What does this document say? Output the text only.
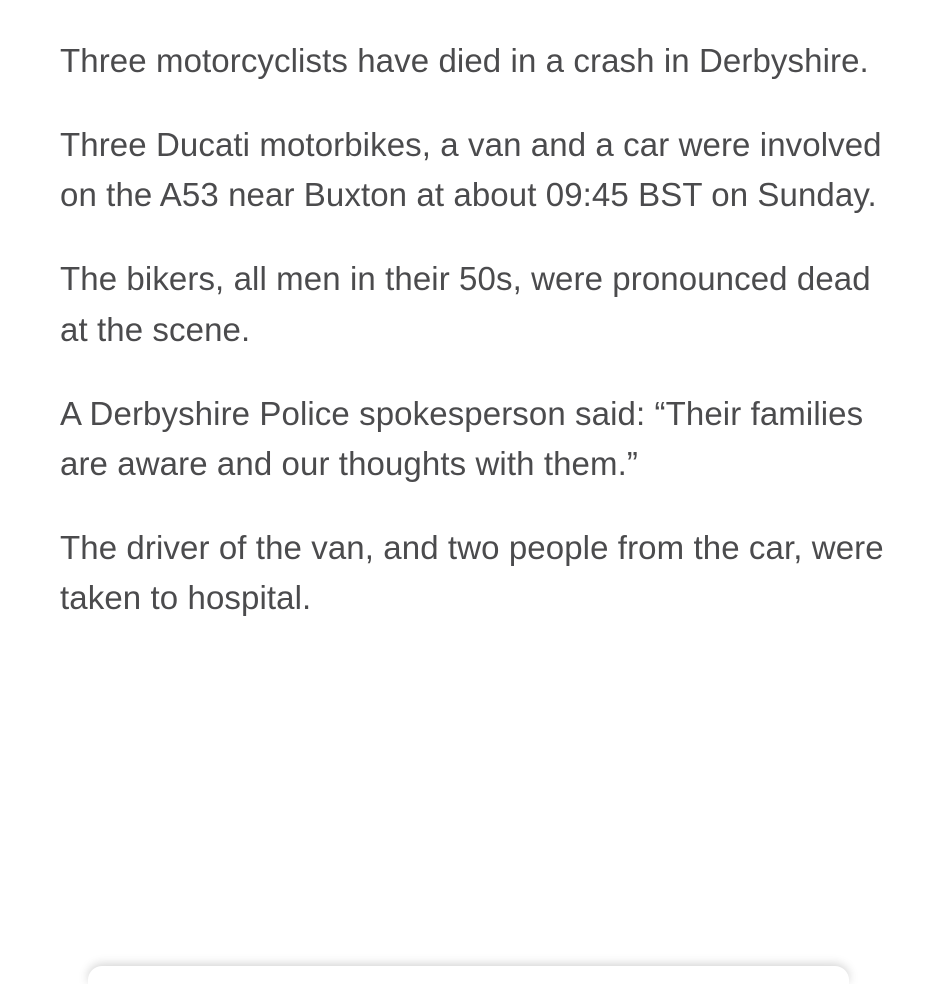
Three motorcyclists have died in a crash in Derbyshire.

Three Ducati motorbikes, a van and a car were involved on the A53 near Buxton at about 09:45 BST on Sunday.

The bikers, all men in their 50s, were pronounced dead at the scene.

A Derbyshire Police spokesperson said: “Their families are aware and our thoughts with them.”

The driver of the van, and two people from the car, were taken to hospital.
